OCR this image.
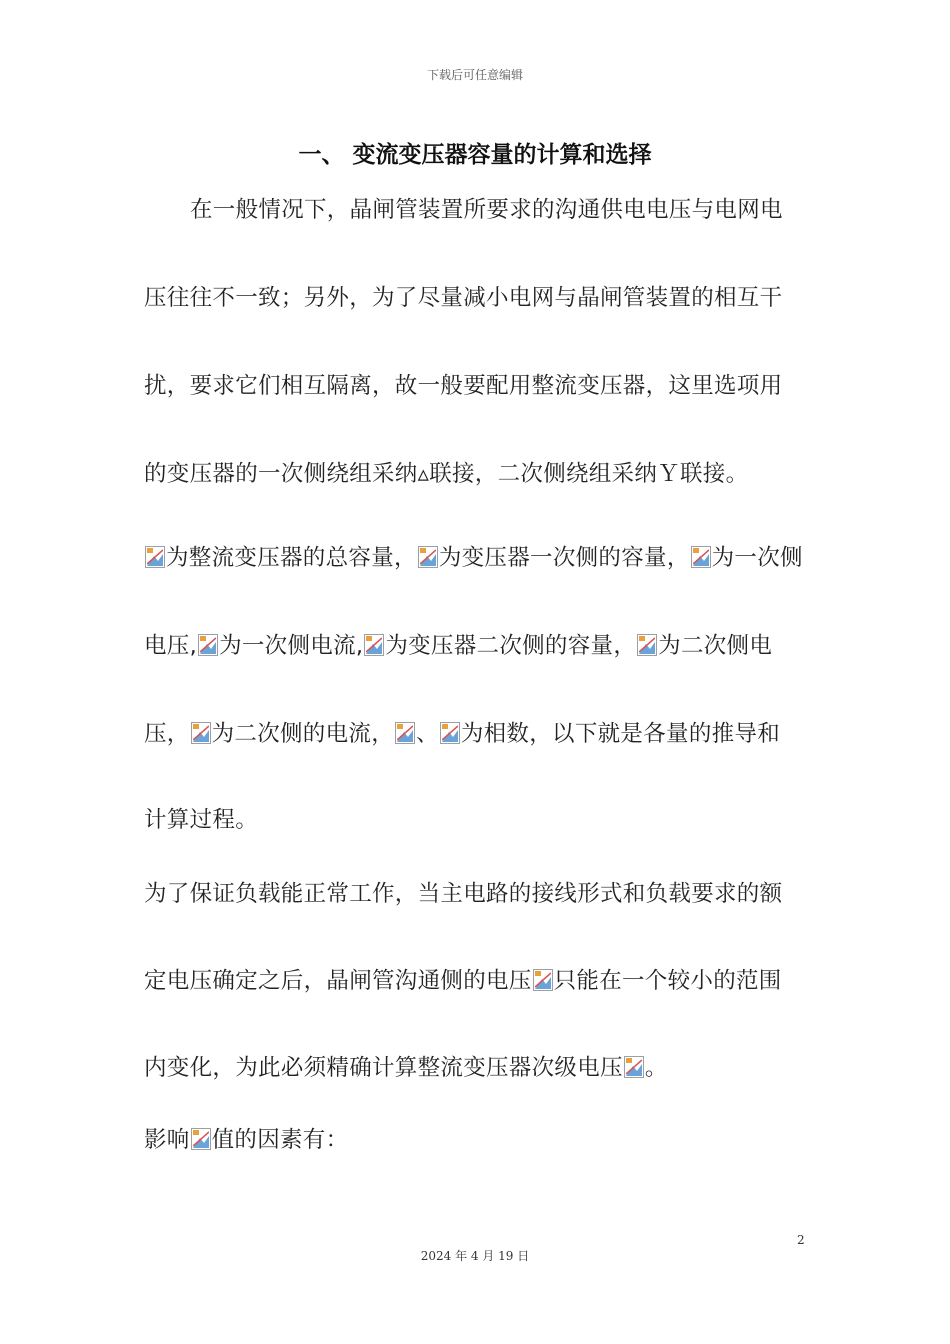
下载后可任意编辑
一、 变流变压器容量的计算和选择
在一般情况下，晶闸管装置所要求的沟通供电电压与电网电
压往往不一致；另外，为了尽量减小电网与晶闸管装置的相互干
扰，要求它们相互隔离，故一般要配用整流变压器，这里选项用
的变压器的一次侧绕组采纳▵联接，二次侧绕组采纳Ｙ联接。
为整流变压器的总容量， 为变压器一次侧的容量， 为一次侧
电压, 为一次侧电流, 为变压器二次侧的容量， 为二次侧电
压， 为二次侧的电流， 、 为相数，以下就是各量的推导和
计算过程。
为了保证负载能正常工作，当主电路的接线形式和负载要求的额
定电压确定之后，晶闸管沟通侧的电压 只能在一个较小的范围
内变化，为此必须精确计算整流变压器次级电压 。
影响 值的因素有：
2
2024 年 4 月 19 日
